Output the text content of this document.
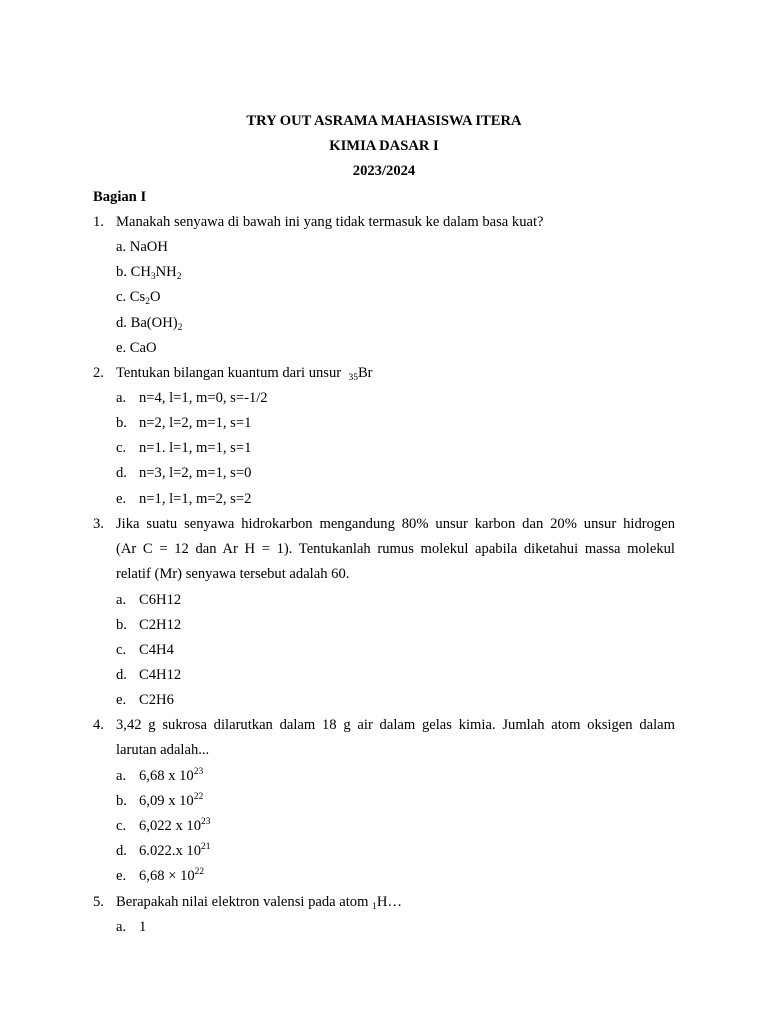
TRY OUT ASRAMA MAHASISWA ITERA
KIMIA DASAR I
2023/2024
Bagian I
1. Manakah senyawa di bawah ini yang tidak termasuk ke dalam basa kuat?
a. NaOH
b. $CH_3NH_2$
c. $Cs_2O$
d. $Ba(OH)_2$
e. CaO
2. Tentukan bilangan kuantum dari unsur  $_{35}$Br
a. n=4, l=1, m=0, s=-1/2
b. n=2, l=2, m=1, s=1
c. n=1. l=1, m=1, s=1
d. n=3, l=2, m=1, s=0
e. n=1, l=1, m=2, s=2
3. Jika suatu senyawa hidrokarbon mengandung 80% unsur karbon dan 20% unsur hidrogen
(Ar C = 12 dan Ar H = 1). Tentukanlah rumus molekul apabila diketahui massa molekul
relatif (Mr) senyawa tersebut adalah 60.
a. C6H12
b. C2H12
c. C4H4
d. C4H12
e. C2H6
4. 3,42 g sukrosa dilarutkan dalam 18 g air dalam gelas kimia. Jumlah atom oksigen dalam
larutan adalah...
a. 6,68 x $10^{23}$
b. 6,09 x $10^{22}$
c. 6,022 x $10^{23}$
d. 6.022.x $10^{21}$
e. $6,68 \times 10^{22}$
5. Berapakah nilai elektron valensi pada atom $_1$H…
a. 1
